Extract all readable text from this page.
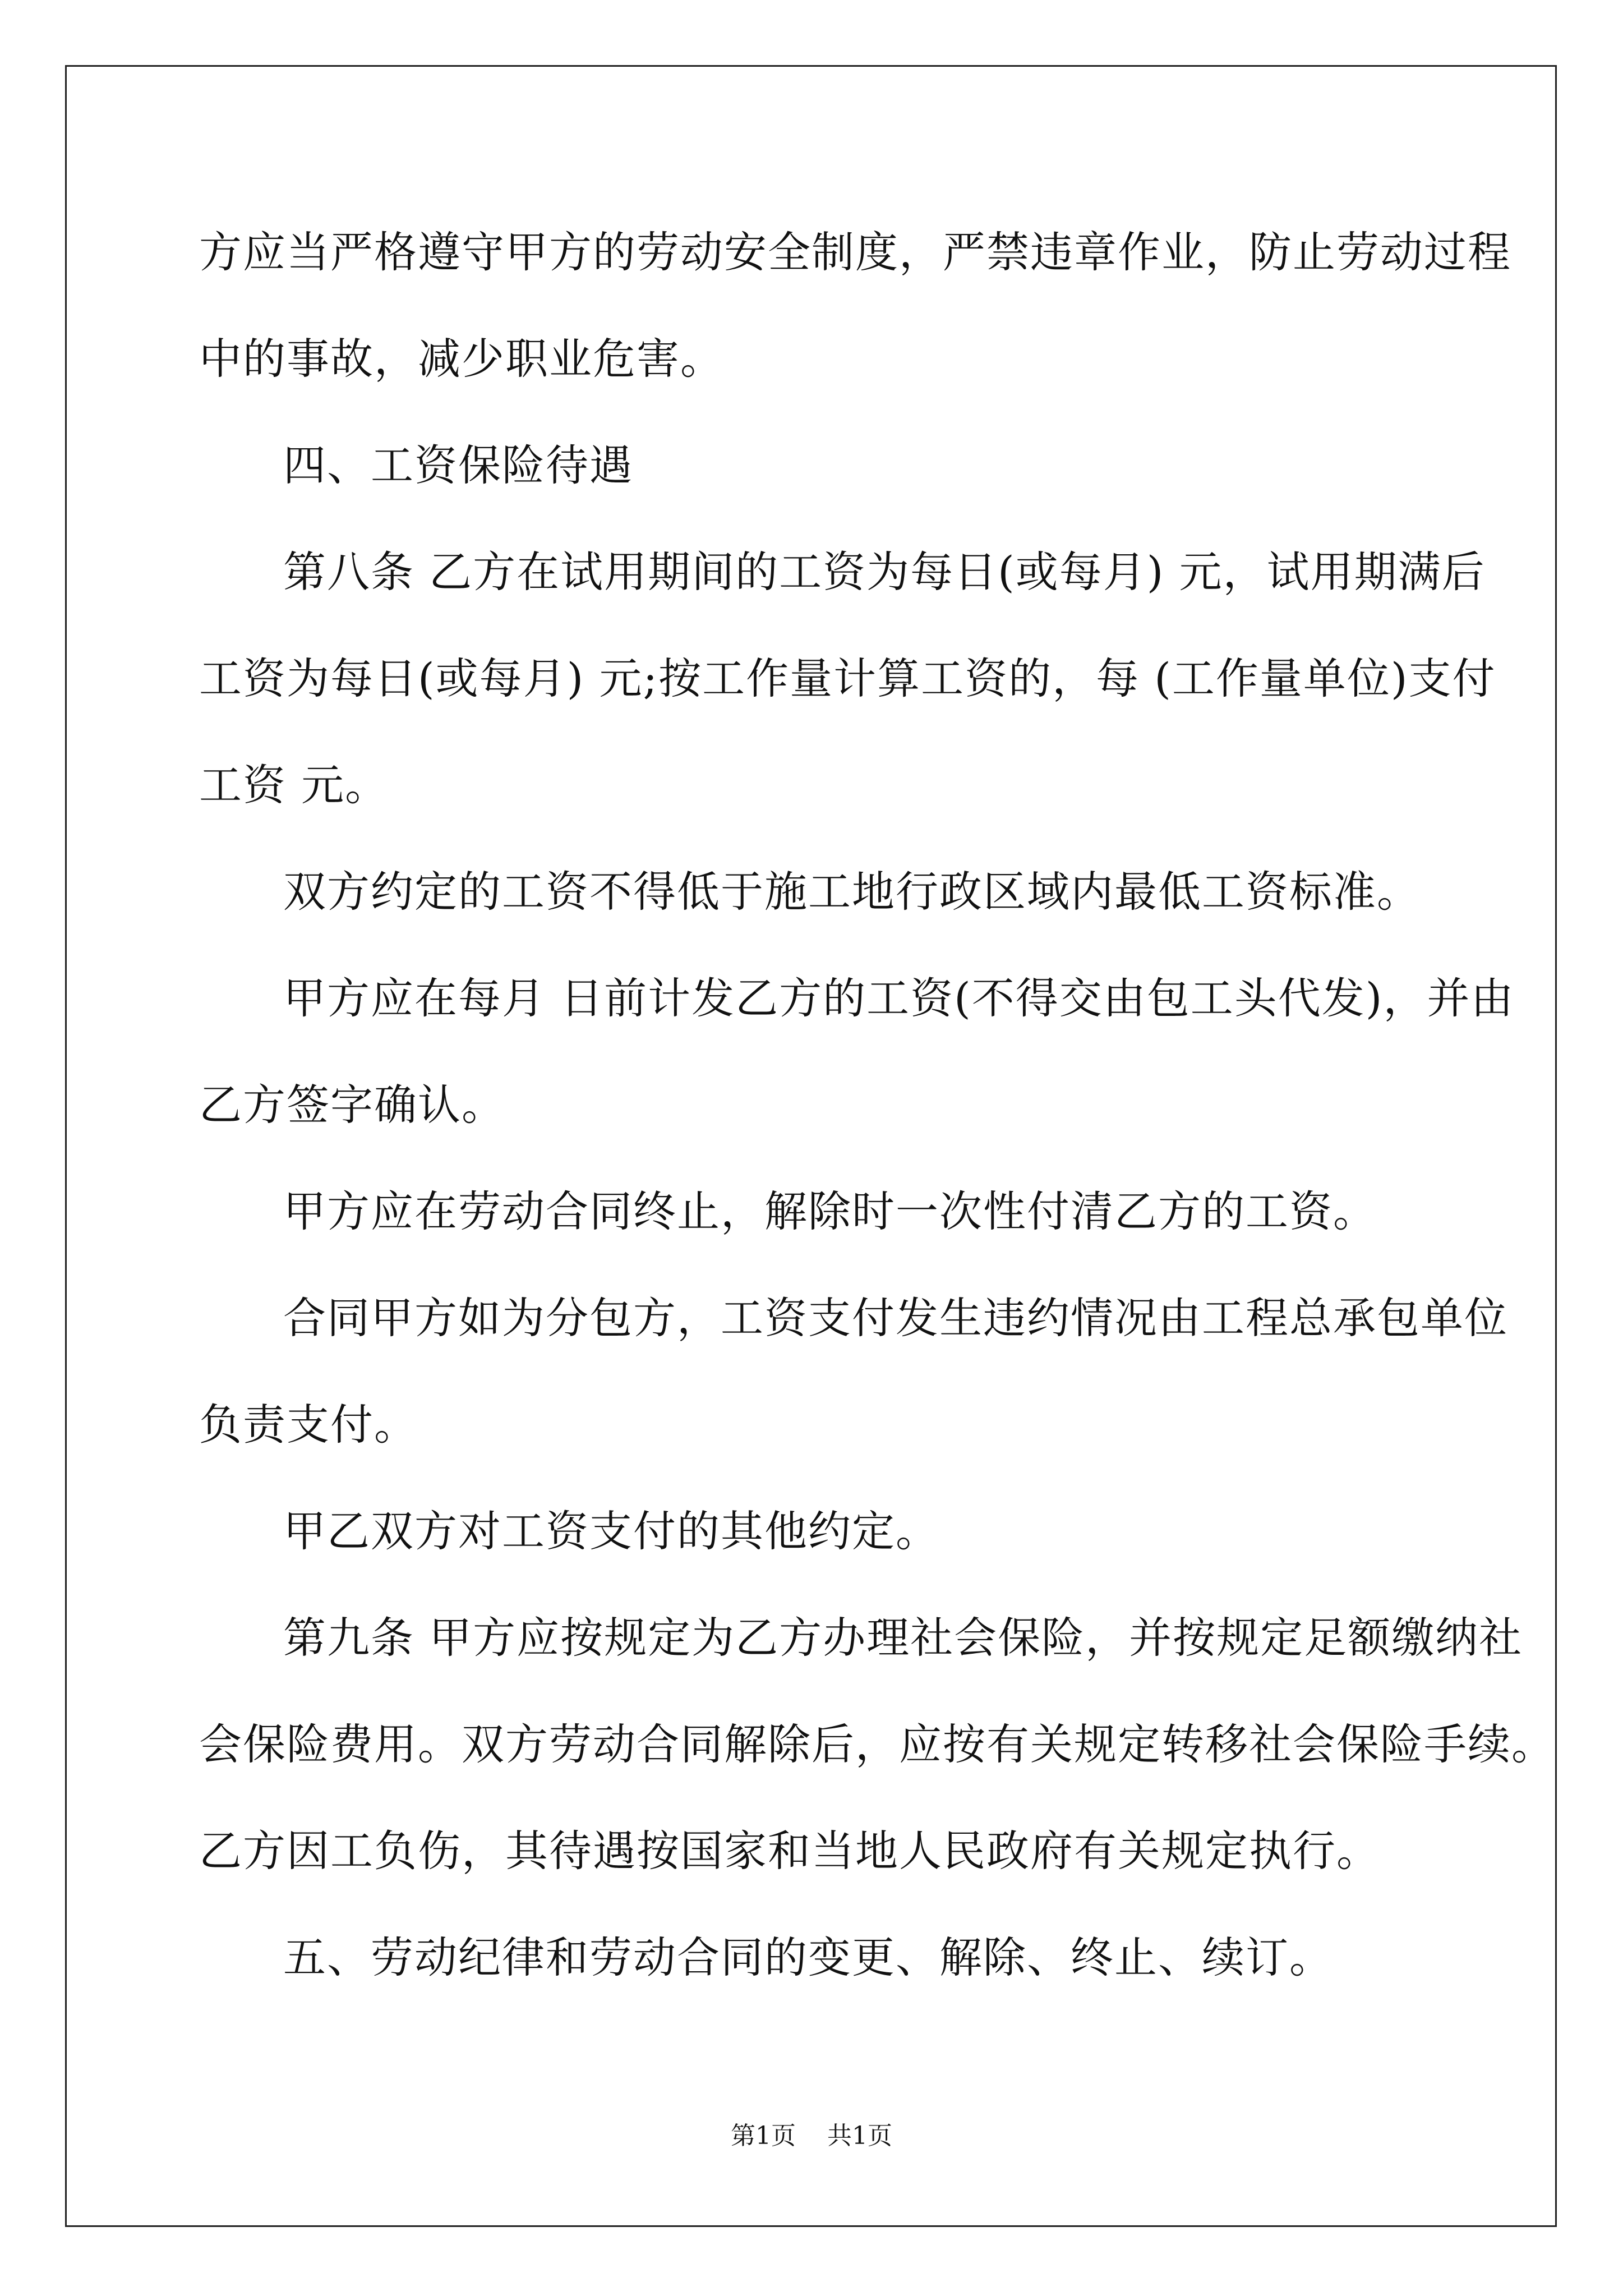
方应当严格遵守甲方的劳动安全制度，严禁违章作业，防止劳动过程
中的事故，减少职业危害。
四、工资保险待遇
第八条 乙方在试用期间的工资为每日(或每月) 元，试用期满后
工资为每日(或每月) 元;按工作量计算工资的，每 (工作量单位)支付
工资 元。
双方约定的工资不得低于施工地行政区域内最低工资标准。
甲方应在每月 日前计发乙方的工资(不得交由包工头代发)，并由
乙方签字确认。
甲方应在劳动合同终止，解除时一次性付清乙方的工资。
合同甲方如为分包方，工资支付发生违约情况由工程总承包单位
负责支付。
甲乙双方对工资支付的其他约定。
第九条 甲方应按规定为乙方办理社会保险，并按规定足额缴纳社
会保险费用。双方劳动合同解除后，应按有关规定转移社会保险手续。
乙方因工负伤，其待遇按国家和当地人民政府有关规定执行。
五、劳动纪律和劳动合同的变更、解除、终止、续订。
第1页 共1页
